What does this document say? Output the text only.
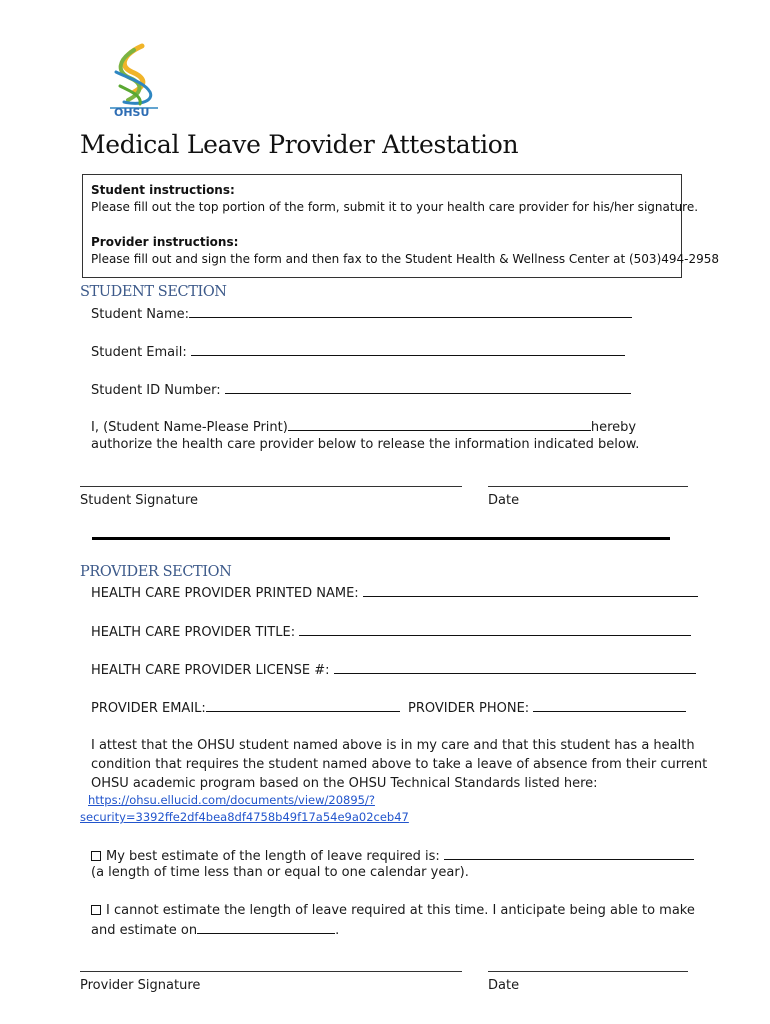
OHSU
Medical Leave Provider Attestation
Student instructions:
Please fill out the top portion of the form, submit it to your health care provider for his/her signature.
Provider instructions:
Please fill out and sign the form and then fax to the Student Health & Wellness Center at (503)494-2958
STUDENT SECTION
Student Name:
Student Email:
Student ID Number:
I, (Student Name-Please Print)	hereby
authorize the health care provider below to release the information indicated below.
Student Signature	Date
PROVIDER SECTION
HEALTH CARE PROVIDER PRINTED NAME:
HEALTH CARE PROVIDER TITLE:
HEALTH CARE PROVIDER LICENSE #:
PROVIDER EMAIL:	PROVIDER PHONE:
I attest that the OHSU student named above is in my care and that this student has a health
condition that requires the student named above to take a leave of absence from their current
OHSU academic program based on the OHSU Technical Standards listed here:
https://ohsu.ellucid.com/documents/view/20895/?
security=3392ffe2df4bea8df4758b49f17a54e9a02ceb47
My best estimate of the length of leave required is:
(a length of time less than or equal to one calendar year).
I cannot estimate the length of leave required at this time. I anticipate being able to make
and estimate on	.
Provider Signature	Date
